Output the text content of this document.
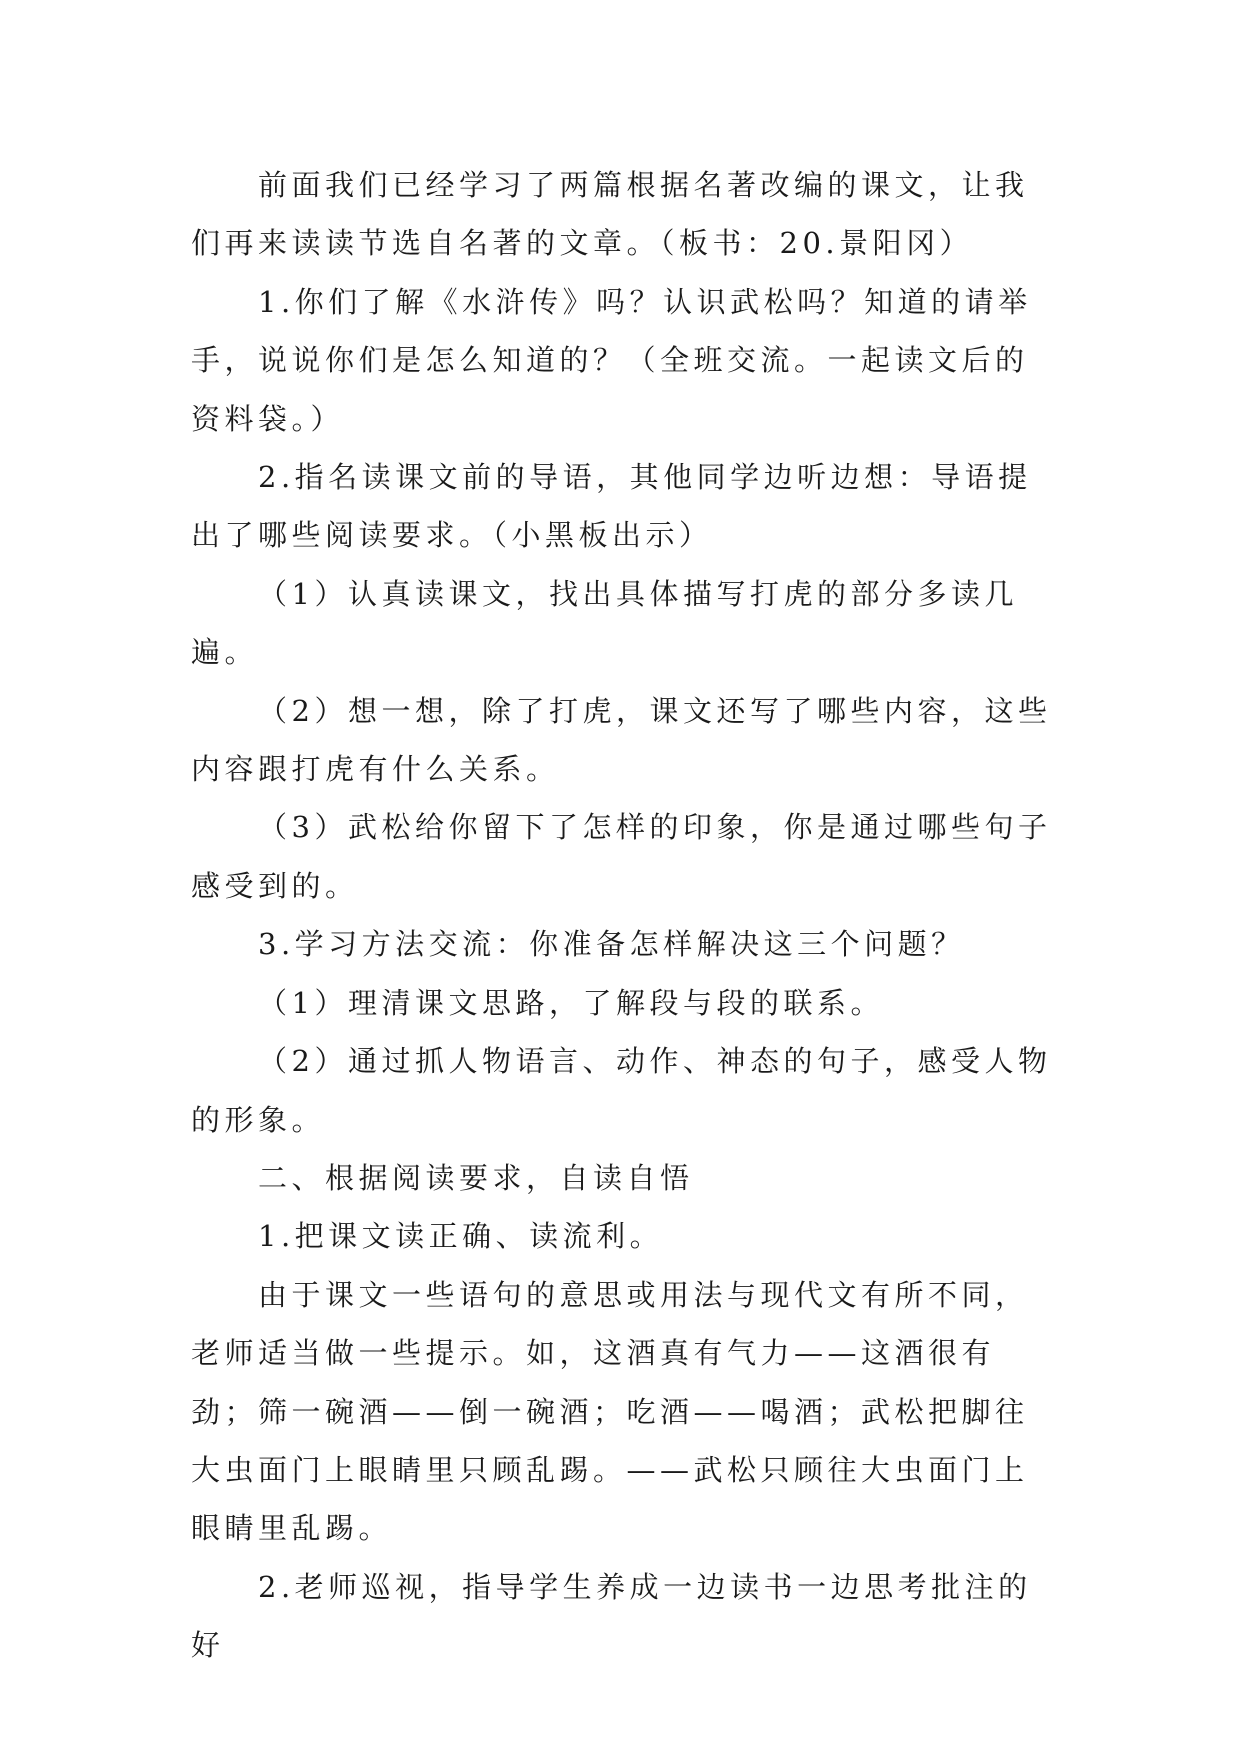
前面我们已经学习了两篇根据名著改编的课文，让我们再来读读节选自名著的文章。（板书：20.景阳冈）

1.你们了解《水浒传》吗？认识武松吗？知道的请举手，说说你们是怎么知道的？（全班交流。一起读文后的资料袋。）

2.指名读课文前的导语，其他同学边听边想：导语提出了哪些阅读要求。（小黑板出示）

（1）认真读课文，找出具体描写打虎的部分多读几遍。

（2）想一想，除了打虎，课文还写了哪些内容，这些内容跟打虎有什么关系。

（3）武松给你留下了怎样的印象，你是通过哪些句子感受到的。

3.学习方法交流：你准备怎样解决这三个问题？

（1）理清课文思路，了解段与段的联系。

（2）通过抓人物语言、动作、神态的句子，感受人物的形象。

二、根据阅读要求，自读自悟

1.把课文读正确、读流利。

由于课文一些语句的意思或用法与现代文有所不同，老师适当做一些提示。如，这酒真有气力——这酒很有劲；筛一碗酒——倒一碗酒；吃酒——喝酒；武松把脚往大虫面门上眼睛里只顾乱踢。——武松只顾往大虫面门上眼睛里乱踢。

2.老师巡视，指导学生养成一边读书一边思考批注的好
